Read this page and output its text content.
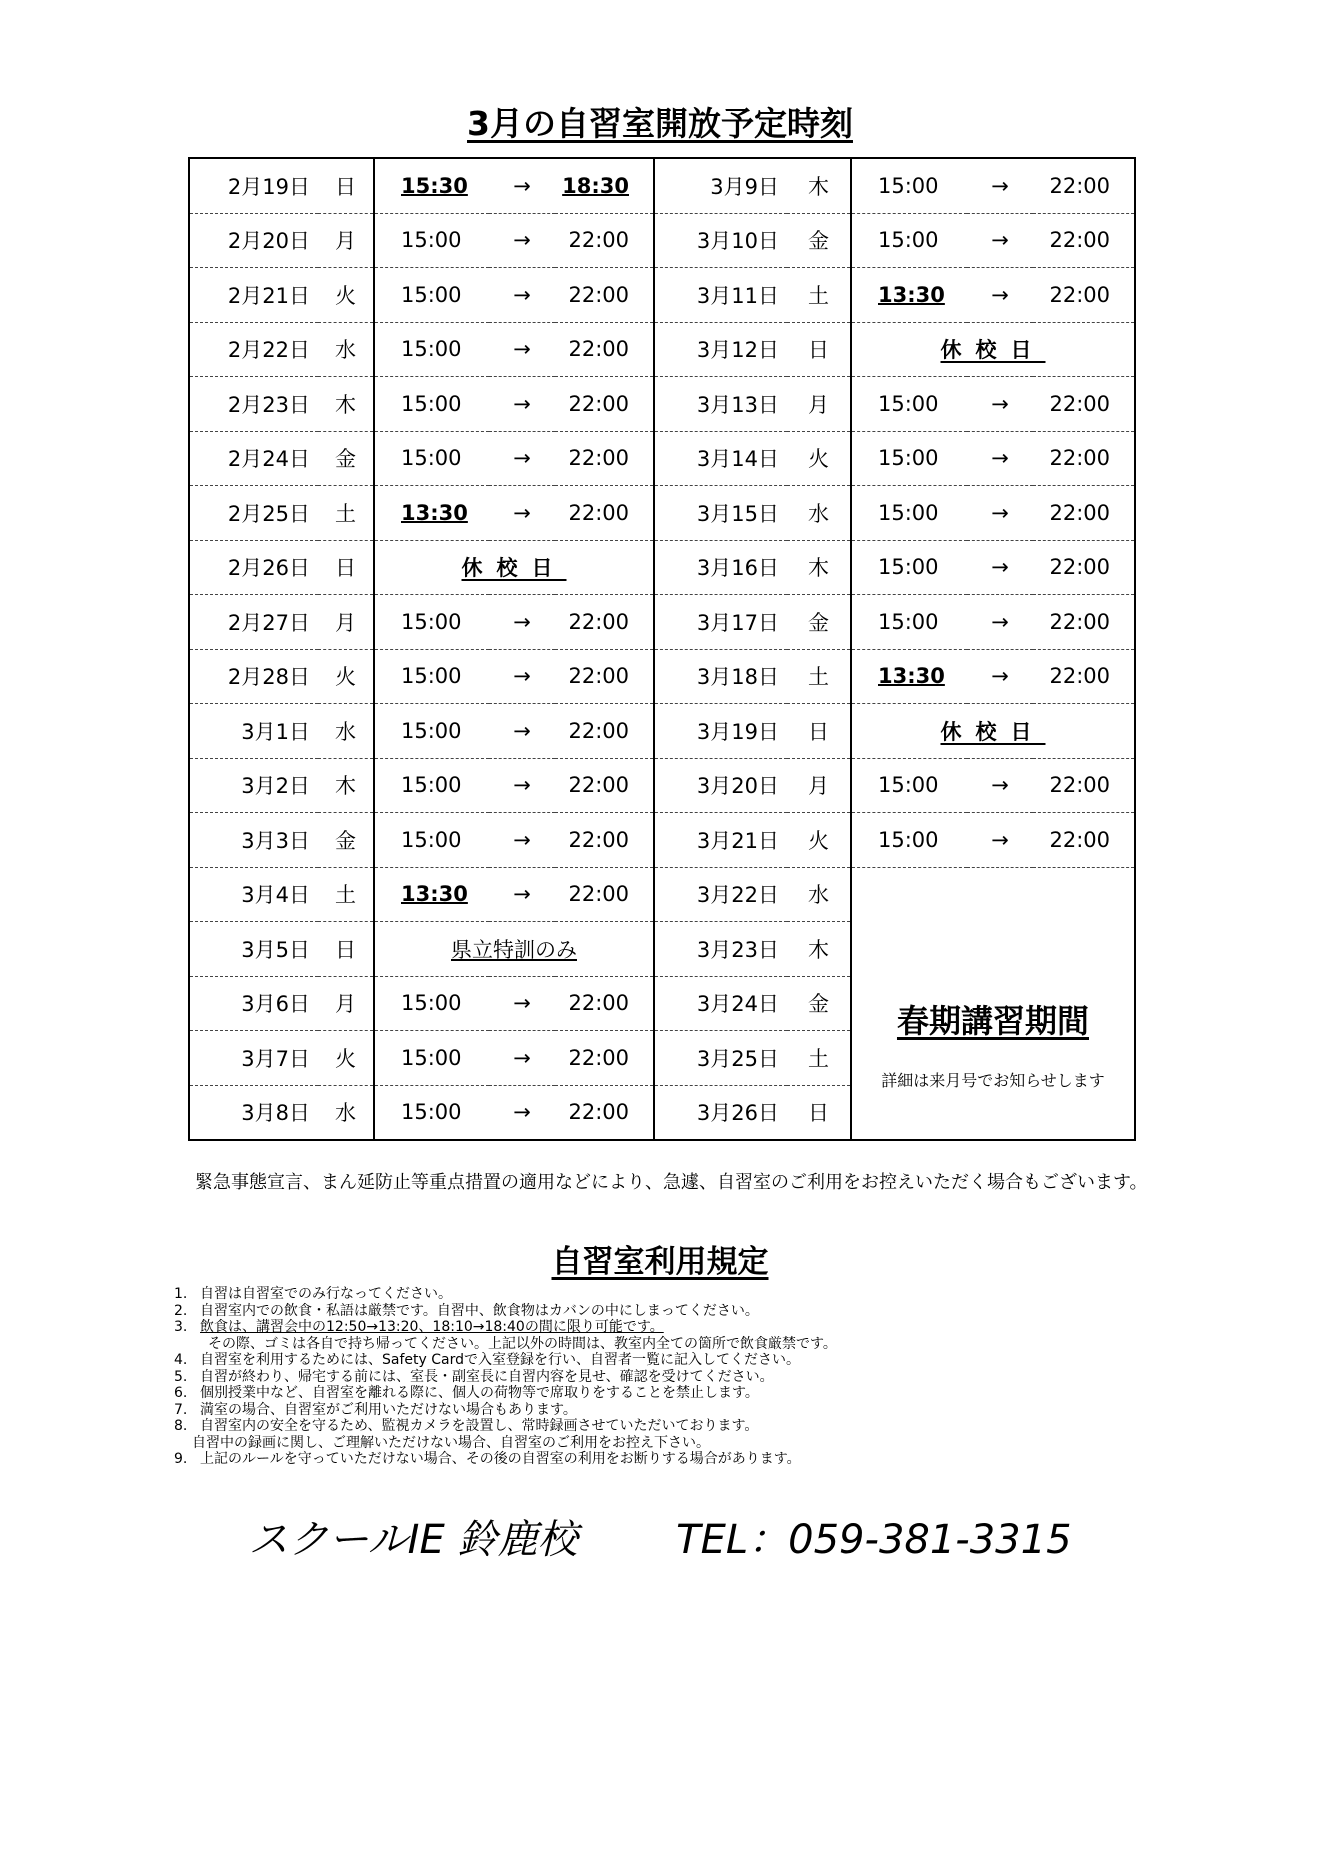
3月の自習室開放予定時刻
2月19日	日	15:30	→	18:30	3月9日	木	15:00	→	22:00
2月20日	月	15:00	→	22:00	3月10日	金	15:00	→	22:00
2月21日	火	15:00	→	22:00	3月11日	土	13:30	→	22:00
2月22日	水	15:00	→	22:00	3月12日	日	休校日		
2月23日	木	15:00	→	22:00	3月13日	月	15:00	→	22:00
2月24日	金	15:00	→	22:00	3月14日	火	15:00	→	22:00
2月25日	土	13:30	→	22:00	3月15日	水	15:00	→	22:00
2月26日	日	休校日			3月16日	木	15:00	→	22:00
2月27日	月	15:00	→	22:00	3月17日	金	15:00	→	22:00
2月28日	火	15:00	→	22:00	3月18日	土	13:30	→	22:00
3月1日	水	15:00	→	22:00	3月19日	日	休校日		
3月2日	木	15:00	→	22:00	3月20日	月	15:00	→	22:00
3月3日	金	15:00	→	22:00	3月21日	火	15:00	→	22:00
3月4日	土	13:30	→	22:00	3月22日	水	春期講習期間
詳細は来月号でお知らせします		

3月5日	日	県立特訓のみ			3月23日	木			
3月6日	月	15:00	→	22:00	3月24日	金			
3月7日	火	15:00	→	22:00	3月25日	土			
3月8日	水	15:00	→	22:00	3月26日	日			
緊急事態宣言、まん延防止等重点措置の適用などにより、急遽、自習室のご利用をお控えいただく場合もございます。
自習室利用規定
1. 自習は自習室でのみ行なってください。
2. 自習室内での飲食・私語は厳禁です。自習中、飲食物はカバンの中にしまってください。
3. 飲食は、講習会中の12:50→13:20、18:10→18:40の間に限り可能です。
その際、ゴミは各自で持ち帰ってください。上記以外の時間は、教室内全ての箇所で飲食厳禁です。
4. 自習室を利用するためには、Safety Cardで入室登録を行い、自習者一覧に記入してください。
5. 自習が終わり、帰宅する前には、室長・副室長に自習内容を見せ、確認を受けてください。
6. 個別授業中など、自習室を離れる際に、個人の荷物等で席取りをすることを禁止します。
7. 満室の場合、自習室がご利用いただけない場合もあります。
8. 自習室内の安全を守るため、監視カメラを設置し、常時録画させていただいております。
自習中の録画に関し、ご理解いただけない場合、自習室のご利用をお控え下さい。
9. 上記のルールを守っていただけない場合、その後の自習室の利用をお断りする場合があります。
スクールIE 鈴鹿校 TEL：059-381-3315
